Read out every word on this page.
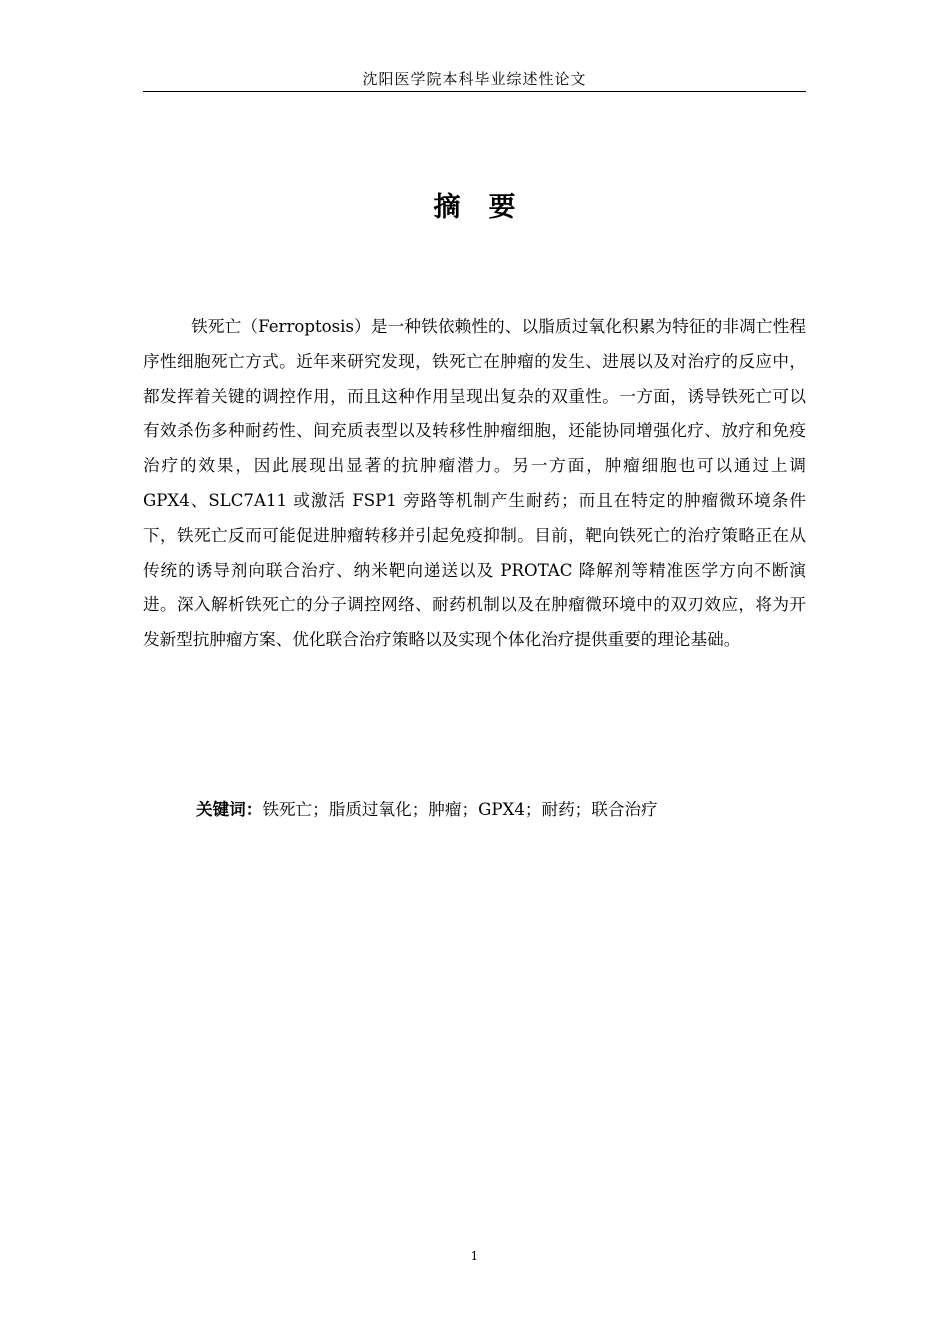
沈阳医学院本科毕业综述性论文
摘 要

铁死亡（Ferroptosis）是一种铁依赖性的、以脂质过氧化积累为特征的非凋亡性程序性细胞死亡方式。近年来研究发现，铁死亡在肿瘤的发生、进展以及对治疗的反应中，都发挥着关键的调控作用，而且这种作用呈现出复杂的双重性。一方面，诱导铁死亡可以有效杀伤多种耐药性、间充质表型以及转移性肿瘤细胞，还能协同增强化疗、放疗和免疫治疗的效果，因此展现出显著的抗肿瘤潜力。另一方面，肿瘤细胞也可以通过上调 GPX4、SLC7A11 或激活 FSP1 旁路等机制产生耐药；而且在特定的肿瘤微环境条件下，铁死亡反而可能促进肿瘤转移并引起免疫抑制。目前，靶向铁死亡的治疗策略正在从传统的诱导剂向联合治疗、纳米靶向递送以及 PROTAC 降解剂等精准医学方向不断演进。深入解析铁死亡的分子调控网络、耐药机制以及在肿瘤微环境中的双刃效应，将为开发新型抗肿瘤方案、优化联合治疗策略以及实现个体化治疗提供重要的理论基础。

关键词：铁死亡；脂质过氧化；肿瘤；GPX4；耐药；联合治疗
1
